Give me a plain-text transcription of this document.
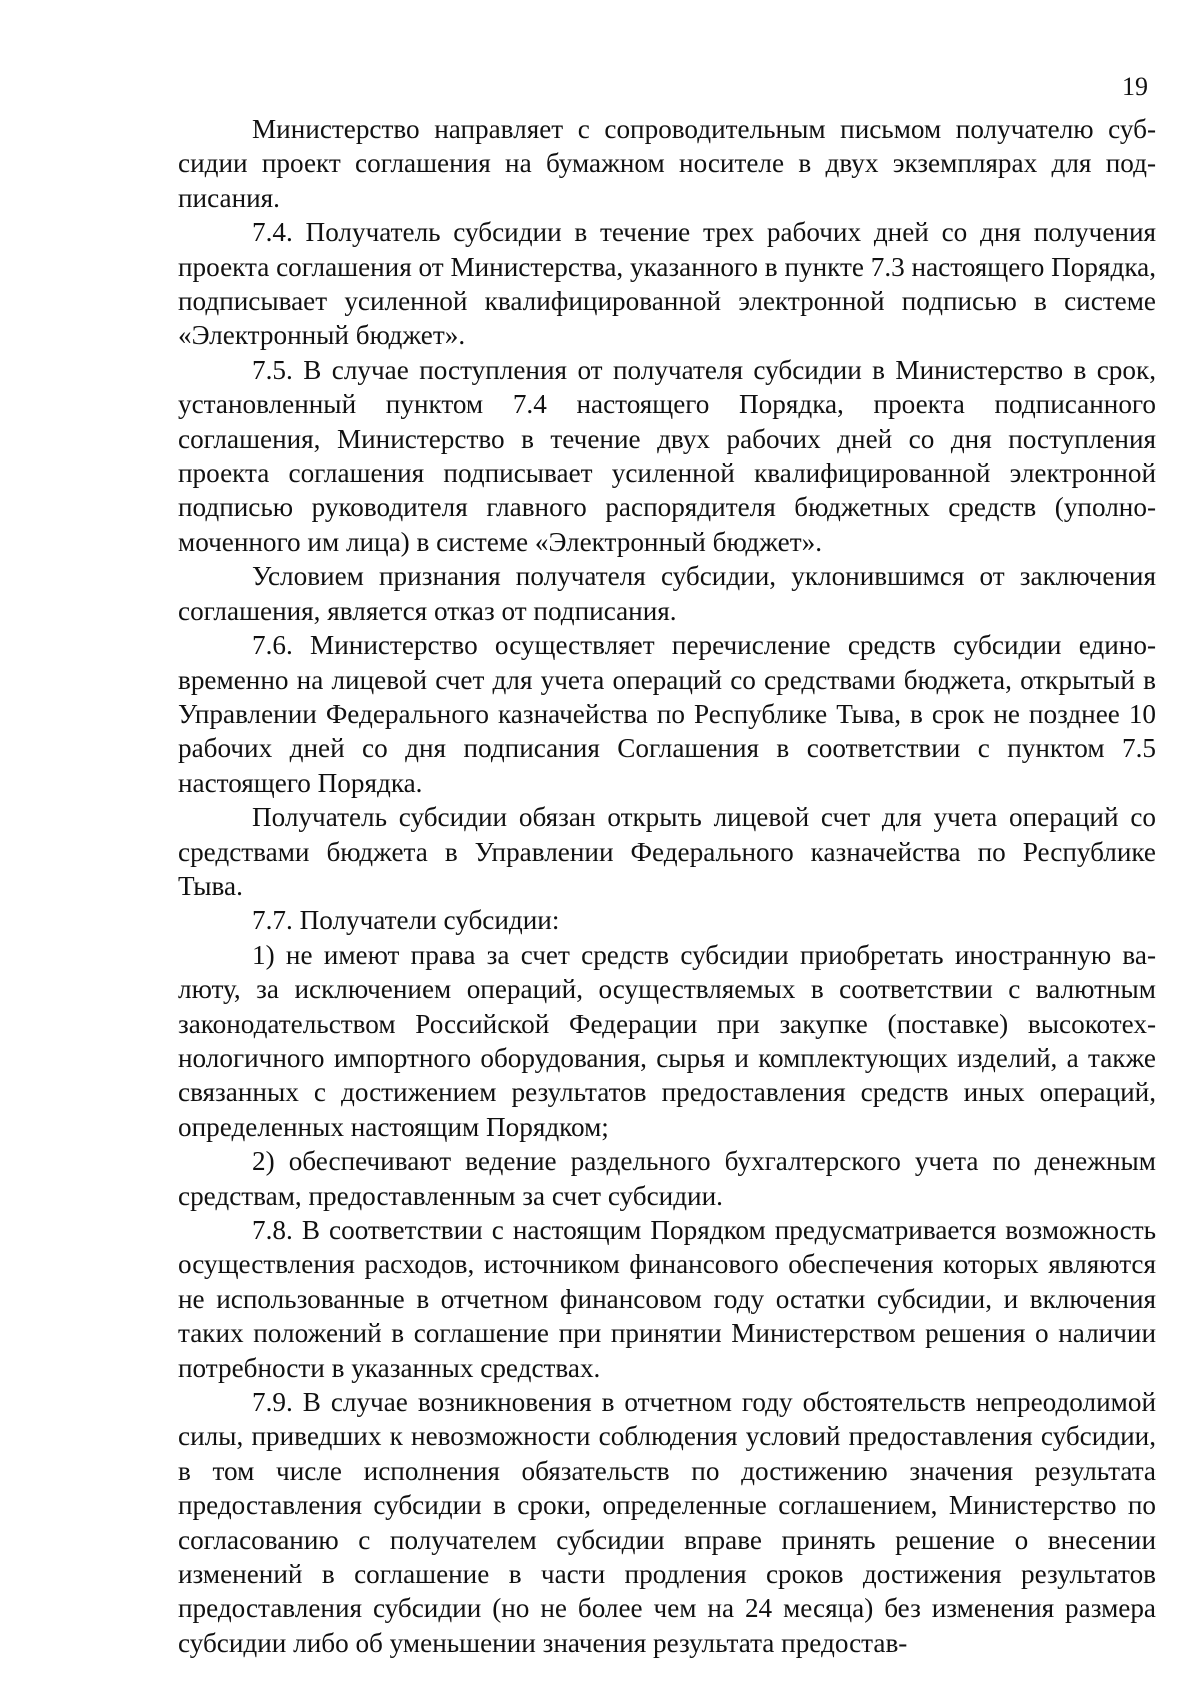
19

Министерство направляет с сопроводительным письмом получателю субсидии проект соглашения на бумажном носителе в двух экземплярах для подписания.

7.4. Получатель субсидии в течение трех рабочих дней со дня получения проекта соглашения от Министерства, указанного в пункте 7.3 настоящего Порядка, подписывает усиленной квалифицированной электронной подписью в системе «Электронный бюджет».

7.5. В случае поступления от получателя субсидии в Министерство в срок, установленный пунктом 7.4 настоящего Порядка, проекта подписанного соглашения, Министерство в течение двух рабочих дней со дня поступления проекта соглашения подписывает усиленной квалифицированной электронной подписью руководителя главного распорядителя бюджетных средств (уполномоченного им лица) в системе «Электронный бюджет».

Условием признания получателя субсидии, уклонившимся от заключения соглашения, является отказ от подписания.

7.6. Министерство осуществляет перечисление средств субсидии единовременно на лицевой счет для учета операций со средствами бюджета, открытый в Управлении Федерального казначейства по Республике Тыва, в срок не позднее 10 рабочих дней со дня подписания Соглашения в соответствии с пунктом 7.5 настоящего Порядка.

Получатель субсидии обязан открыть лицевой счет для учета операций со средствами бюджета в Управлении Федерального казначейства по Республике Тыва.

7.7. Получатели субсидии:

1) не имеют права за счет средств субсидии приобретать иностранную валюту, за исключением операций, осуществляемых в соответствии с валютным законодательством Российской Федерации при закупке (поставке) высокотехнологичного импортного оборудования, сырья и комплектующих изделий, а также связанных с достижением результатов предоставления средств иных операций, определенных настоящим Порядком;

2) обеспечивают ведение раздельного бухгалтерского учета по денежным средствам, предоставленным за счет субсидии.

7.8. В соответствии с настоящим Порядком предусматривается возможность осуществления расходов, источником финансового обеспечения которых являются не использованные в отчетном финансовом году остатки субсидии, и включения таких положений в соглашение при принятии Министерством решения о наличии потребности в указанных средствах.

7.9. В случае возникновения в отчетном году обстоятельств непреодолимой силы, приведших к невозможности соблюдения условий предоставления субсидии, в том числе исполнения обязательств по достижению значения результата предоставления субсидии в сроки, определенные соглашением, Министерство по согласованию с получателем субсидии вправе принять решение о внесении изменений в соглашение в части продления сроков достижения результатов предоставления субсидии (но не более чем на 24 месяца) без изменения размера субсидии либо об уменьшении значения результата предостав-
